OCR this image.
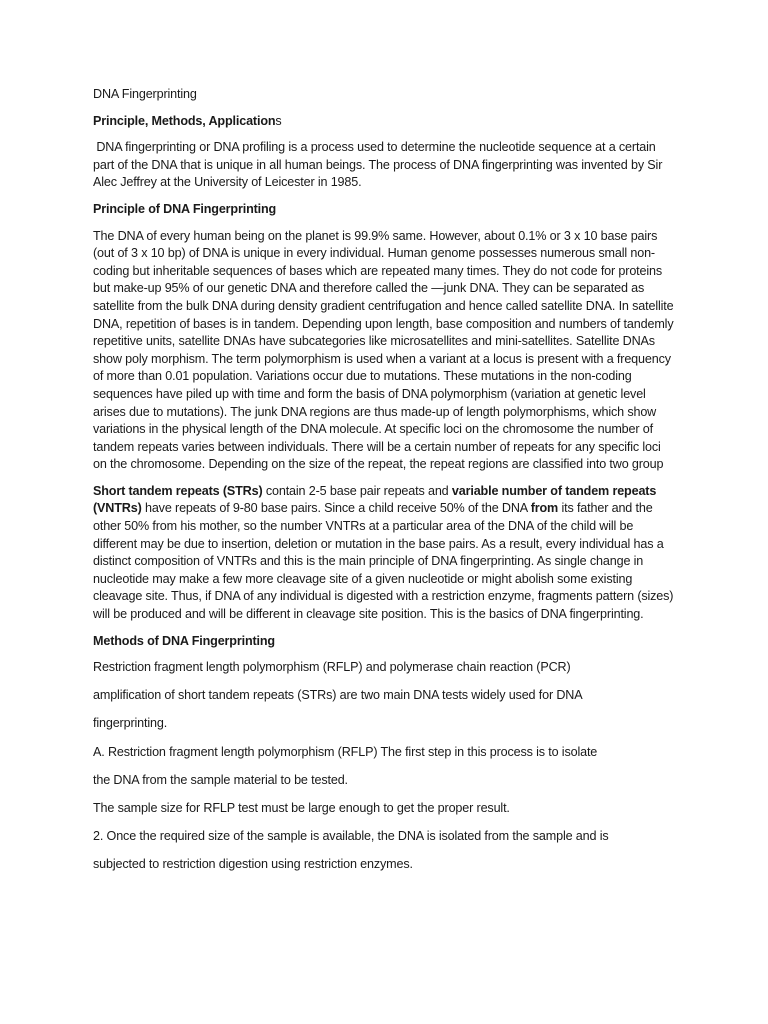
DNA Fingerprinting

Principle, Methods, Applications

DNA fingerprinting or DNA profiling is a process used to determine the nucleotide sequence at a certain part of the DNA that is unique in all human beings. The process of DNA fingerprinting was invented by Sir Alec Jeffrey at the University of Leicester in 1985.

Principle of DNA Fingerprinting

The DNA of every human being on the planet is 99.9% same. However, about 0.1% or 3 x 10 base pairs (out of 3 x 10 bp) of DNA is unique in every individual. Human genome possesses numerous small non-coding but inheritable sequences of bases which are repeated many times. They do not code for proteins but make-up 95% of our genetic DNA and therefore called the —junk DNA. They can be separated as satellite from the bulk DNA during density gradient centrifugation and hence called satellite DNA. In satellite DNA, repetition of bases is in tandem. Depending upon length, base composition and numbers of tandemly repetitive units, satellite DNAs have subcategories like microsatellites and mini-satellites. Satellite DNAs show poly morphism. The term polymorphism is used when a variant at a locus is present with a frequency of more than 0.01 population. Variations occur due to mutations. These mutations in the non-coding sequences have piled up with time and form the basis of DNA polymorphism (variation at genetic level arises due to mutations). The junk DNA regions are thus made-up of length polymorphisms, which show variations in the physical length of the DNA molecule. At specific loci on the chromosome the number of tandem repeats varies between individuals. There will be a certain number of repeats for any specific loci on the chromosome. Depending on the size of the repeat, the repeat regions are classified into two group

Short tandem repeats (STRs) contain 2-5 base pair repeats and variable number of tandem repeats (VNTRs) have repeats of 9-80 base pairs. Since a child receive 50% of the DNA from its father and the other 50% from his mother, so the number VNTRs at a particular area of the DNA of the child will be different may be due to insertion, deletion or mutation in the base pairs. As a result, every individual has a distinct composition of VNTRs and this is the main principle of DNA fingerprinting. As single change in nucleotide may make a few more cleavage site of a given nucleotide or might abolish some existing cleavage site. Thus, if DNA of any individual is digested with a restriction enzyme, fragments pattern (sizes) will be produced and will be different in cleavage site position. This is the basics of DNA fingerprinting.

Methods of DNA Fingerprinting

Restriction fragment length polymorphism (RFLP) and polymerase chain reaction (PCR)

amplification of short tandem repeats (STRs) are two main DNA tests widely used for DNA

fingerprinting.

A. Restriction fragment length polymorphism (RFLP) The first step in this process is to isolate

the DNA from the sample material to be tested.

The sample size for RFLP test must be large enough to get the proper result.

2. Once the required size of the sample is available, the DNA is isolated from the sample and is

subjected to restriction digestion using restriction enzymes.
